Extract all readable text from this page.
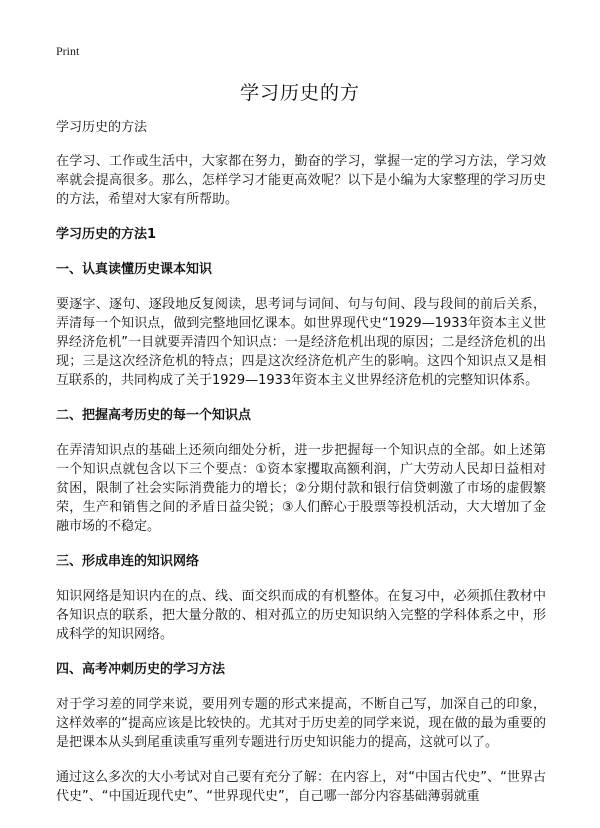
Print
学习历史的方

学习历史的方法

在学习、工作或生活中，大家都在努力，勤奋的学习，掌握一定的学习方法，学习效率就会提高很多。那么，怎样学习才能更高效呢？以下是小编为大家整理的学习历史的方法，希望对大家有所帮助。

学习历史的方法1

一、认真读懂历史课本知识

要逐字、逐句、逐段地反复阅读，思考词与词间、句与句间、段与段间的前后关系，弄清每一个知识点，做到完整地回忆课本。如世界现代史“1929—1933年资本主义世界经济危机”一目就要弄清四个知识点：一是经济危机出现的原因；二是经济危机的出现；三是这次经济危机的特点；四是这次经济危机产生的影响。这四个知识点又是相互联系的，共同构成了关于1929—1933年资本主义世界经济危机的完整知识体系。

二、把握高考历史的每一个知识点

在弄清知识点的基础上还须向细处分析，进一步把握每一个知识点的全部。如上述第一个知识点就包含以下三个要点：①资本家攫取高额利润，广大劳动人民却日益相对贫困，限制了社会实际消费能力的增长；②分期付款和银行信贷刺激了市场的虚假繁荣，生产和销售之间的矛盾日益尖锐；③人们醉心于股票等投机活动，大大增加了金融市场的不稳定。

三、形成串连的知识网络

知识网络是知识内在的点、线、面交织而成的有机整体。在复习中，必须抓住教材中各知识点的联系，把大量分散的、相对孤立的历史知识纳入完整的学科体系之中，形成科学的知识网络。

四、高考冲刺历史的学习方法

对于学习差的同学来说，要用列专题的形式来提高，不断自己写，加深自己的印象，这样效率的“提高应该是比较快的。尤其对于历史差的同学来说，现在做的最为重要的是把课本从头到尾重读重写重列专题进行历史知识能力的提高，这就可以了。

通过这么多次的大小考试对自己要有充分了解：在内容上，对“中国古代史”、“世界古代史”、“中国近现代史”、“世界现代史”，自己哪一部分内容基础薄弱就重
